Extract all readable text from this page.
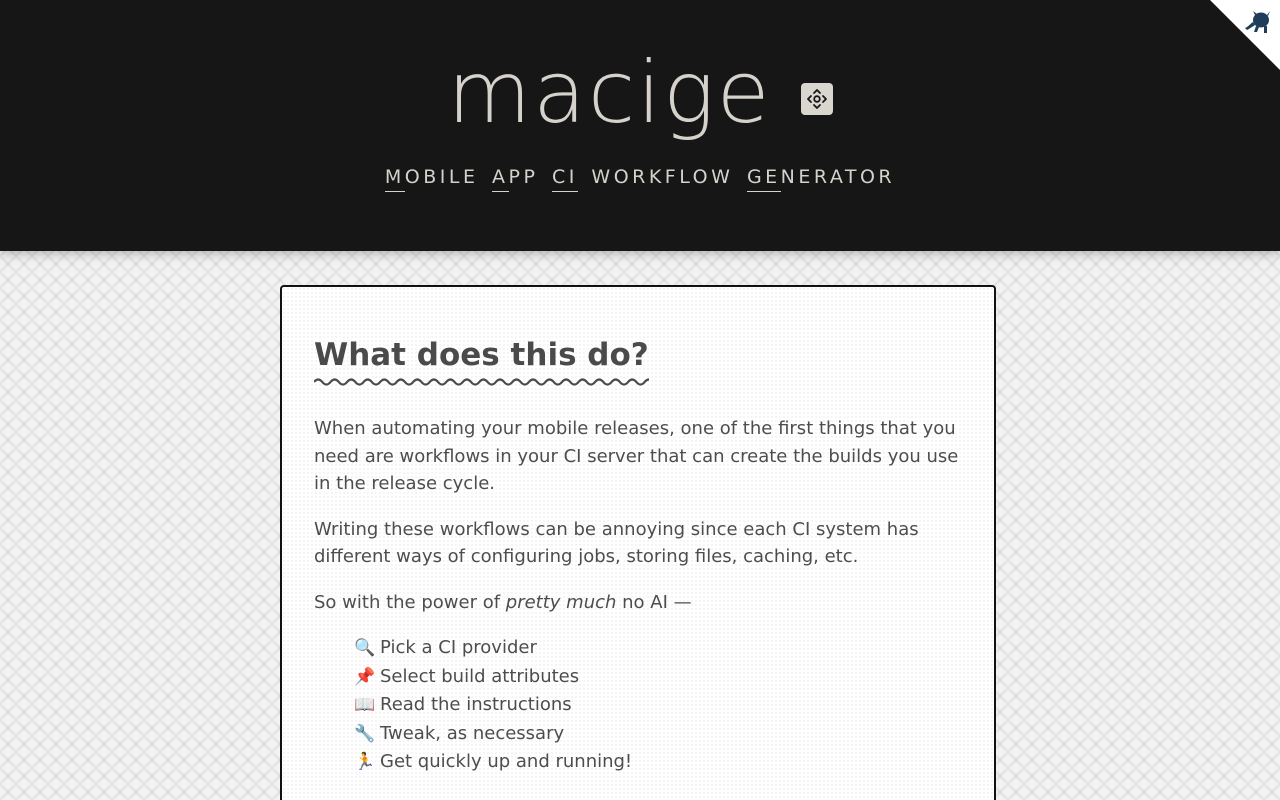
macige
MOBILE APP CI WORKFLOW GENERATOR
What does this do?

When automating your mobile releases, one of the first things that you need are workflows in your CI server that can create the builds you use in the release cycle.

Writing these workflows can be annoying since each CI system has different ways of configuring jobs, storing files, caching, etc.

So with the power of pretty much no AI —

🔍 Pick a CI provider
📌 Select build attributes
📖 Read the instructions
🔧 Tweak, as necessary
🏃 Get quickly up and running!
